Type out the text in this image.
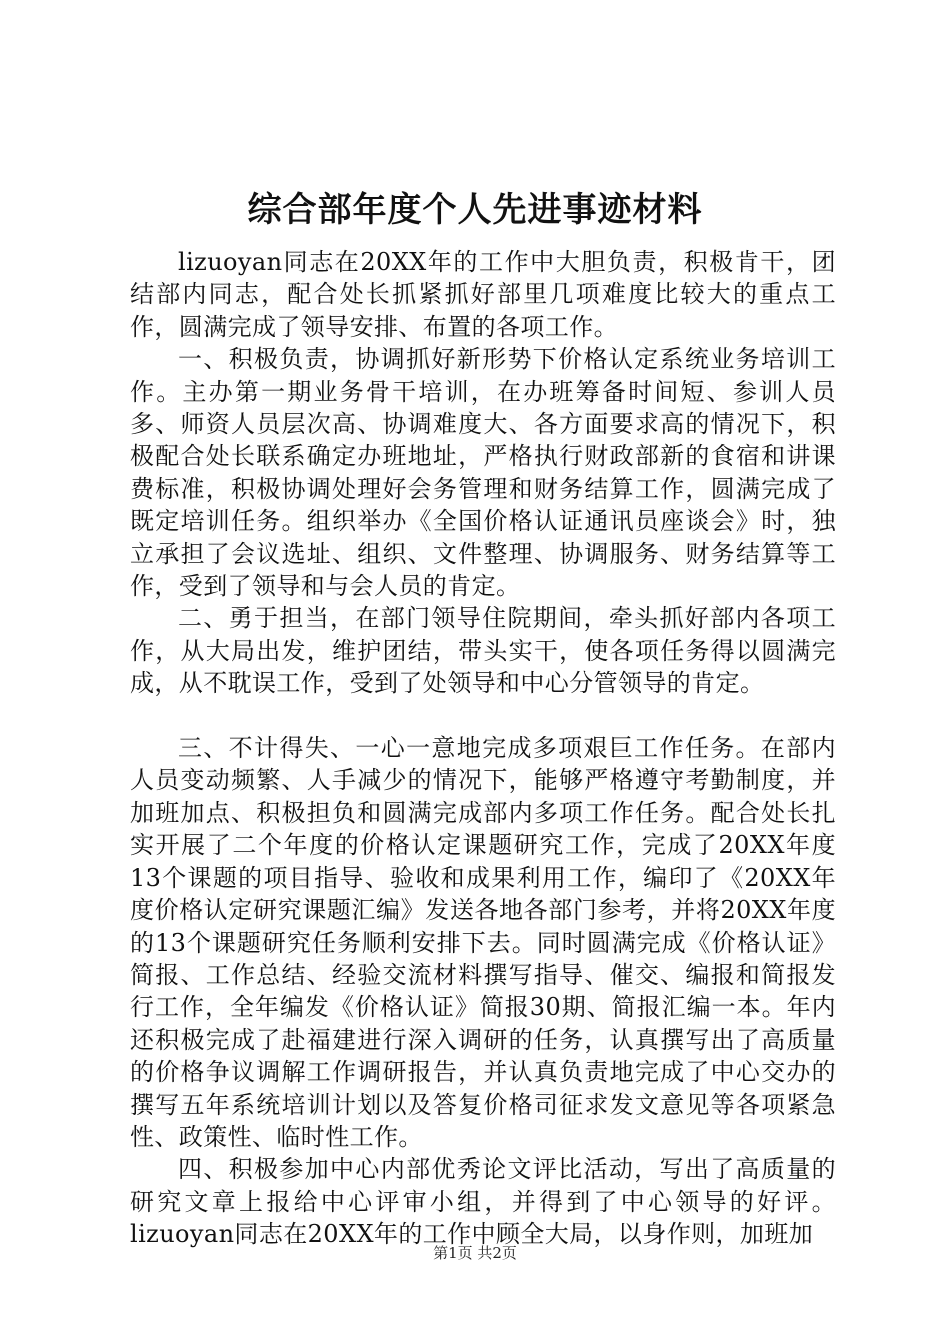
综合部年度个人先进事迹材料

lizuoyan同志在20XX年的工作中大胆负责，积极肯干，团结部内同志，配合处长抓紧抓好部里几项难度比较大的重点工作，圆满完成了领导安排、布置的各项工作。

一、积极负责，协调抓好新形势下价格认定系统业务培训工作。主办第一期业务骨干培训，在办班筹备时间短、参训人员多、师资人员层次高、协调难度大、各方面要求高的情况下，积极配合处长联系确定办班地址，严格执行财政部新的食宿和讲课费标准，积极协调处理好会务管理和财务结算工作，圆满完成了既定培训任务。组织举办《全国价格认证通讯员座谈会》时，独立承担了会议选址、组织、文件整理、协调服务、财务结算等工作，受到了领导和与会人员的肯定。

二、勇于担当，在部门领导住院期间，牵头抓好部内各项工作，从大局出发，维护团结，带头实干，使各项任务得以圆满完成，从不耽误工作，受到了处领导和中心分管领导的肯定。

三、不计得失、一心一意地完成多项艰巨工作任务。在部内人员变动频繁、人手减少的情况下，能够严格遵守考勤制度，并加班加点、积极担负和圆满完成部内多项工作任务。配合处长扎实开展了二个年度的价格认定课题研究工作，完成了20XX年度13个课题的项目指导、验收和成果利用工作，编印了《20XX年度价格认定研究课题汇编》发送各地各部门参考，并将20XX年度的13个课题研究任务顺利安排下去。同时圆满完成《价格认证》简报、工作总结、经验交流材料撰写指导、催交、编报和简报发行工作，全年编发《价格认证》简报30期、简报汇编一本。年内还积极完成了赴福建进行深入调研的任务，认真撰写出了高质量的价格争议调解工作调研报告，并认真负责地完成了中心交办的撰写五年系统培训计划以及答复价格司征求发文意见等各项紧急性、政策性、临时性工作。

四、积极参加中心内部优秀论文评比活动，写出了高质量的研究文章上报给中心评审小组，并得到了中心领导的好评。lizuoyan同志在20XX年的工作中顾全大局，以身作则，加班加

第1页 共2页
